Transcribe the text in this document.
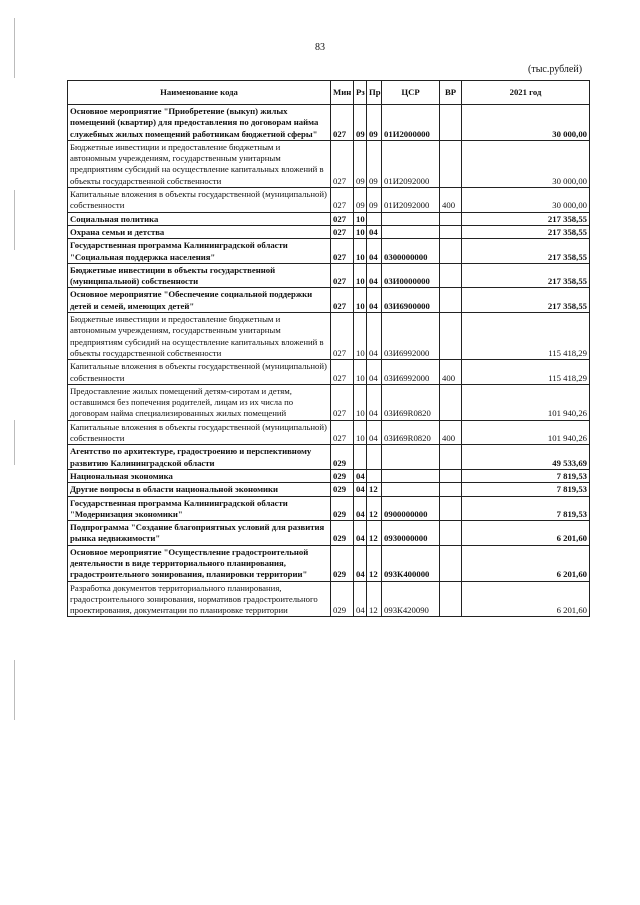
83
(тыс.рублей)
Наименование кода	Мин	Рз	Пр	ЦСР	ВР	2021 год
Основное мероприятие "Приобретение (выкуп) жилых помещений (квартир) для предоставления по договорам найма служебных жилых помещений работникам бюджетной сферы"	027	09	09	01И2000000		30 000,00
Бюджетные инвестиции и предоставление бюджетным и автономным учреждениям, государственным унитарным предприятиям субсидий на осуществление капитальных вложений в объекты государственной собственности	027	09	09	01И2092000		30 000,00
Капитальные вложения в объекты государственной (муниципальной) собственности	027	09	09	01И2092000	400	30 000,00
Социальная политика	027	10				217 358,55
Охрана семьи и детства	027	10	04			217 358,55
Государственная программа Калининградской области "Социальная поддержка населения"	027	10	04	0300000000		217 358,55
Бюджетные инвестиции в объекты государственной (муниципальной) собственности	027	10	04	03И0000000		217 358,55
Основное мероприятие "Обеспечение социальной поддержки детей и семей, имеющих детей"	027	10	04	03И6900000		217 358,55
Бюджетные инвестиции и предоставление бюджетным и автономным учреждениям, государственным унитарным предприятиям субсидий на осуществление капитальных вложений в объекты государственной собственности	027	10	04	03И6992000		115 418,29
Капитальные вложения в объекты государственной (муниципальной) собственности	027	10	04	03И6992000	400	115 418,29
Предоставление жилых помещений детям-сиротам и детям, оставшимся без попечения родителей, лицам из их числа по договорам найма специализированных жилых помещений	027	10	04	03И69R0820		101 940,26
Капитальные вложения в объекты государственной (муниципальной) собственности	027	10	04	03И69R0820	400	101 940,26
Агентство по архитектуре, градостроению и перспективному развитию Калининградской области	029					49 533,69
Национальная экономика	029	04				7 819,53
Другие вопросы в области национальной экономики	029	04	12			7 819,53
Государственная программа Калининградской области "Модернизация экономики"	029	04	12	0900000000		7 819,53
Подпрограмма "Создание благоприятных условий для развития рынка недвижимости"	029	04	12	0930000000		6 201,60
Основное мероприятие "Осуществление градостроительной деятельности в виде территориального планирования, градостроительного зонирования, планировки территории"	029	04	12	093К400000		6 201,60
Разработка документов территориального планирования, градостроительного зонирования, нормативов градостроительного проектирования, документации по планировке территории	029	04	12	093К420090		6 201,60
